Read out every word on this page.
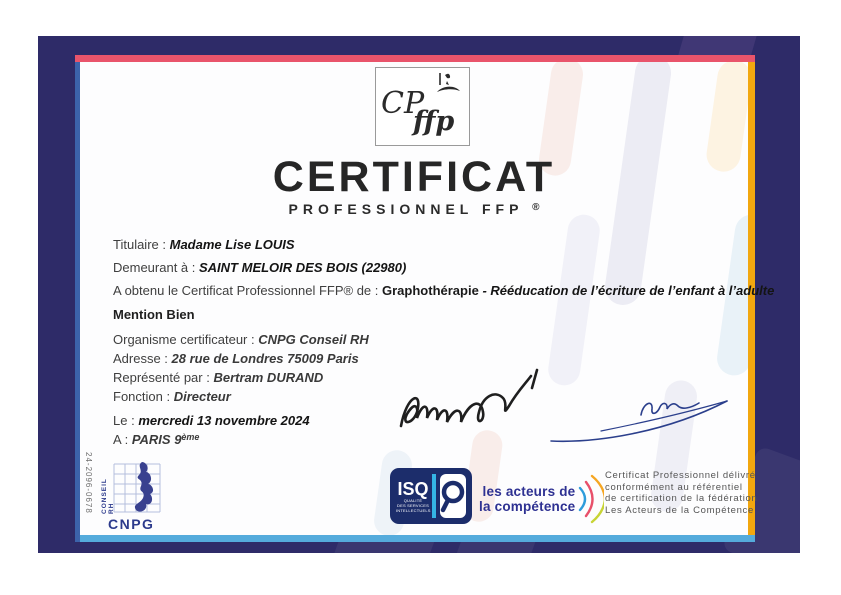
CP
ffp
CERTIFICAT
PROFESSIONNEL FFP ®
Titulaire : Madame Lise LOUIS
Demeurant à : SAINT MELOIR DES BOIS (22980)
A obtenu le Certificat Professionnel FFP® de : Graphothérapie - Rééducation de l’écriture de l’enfant à l’adulte
Mention Bien
Organisme certificateur : CNPG Conseil RH
Adresse : 28 rue de Londres 75009 Paris
Représenté par : Bertram DURAND
Fonction : Directeur
Le : mercredi 13 novembre 2024
A : PARIS 9ème
24-2096-0678 CONSEIL RH
CNPG
ISQ
QUALITÉ
DES SERVICES
INTELLECTUELS
les acteurs de
la compétence
Certificat Professionnel délivré
conformément au référentiel
de certification de la fédération
Les Acteurs de la Compétence
